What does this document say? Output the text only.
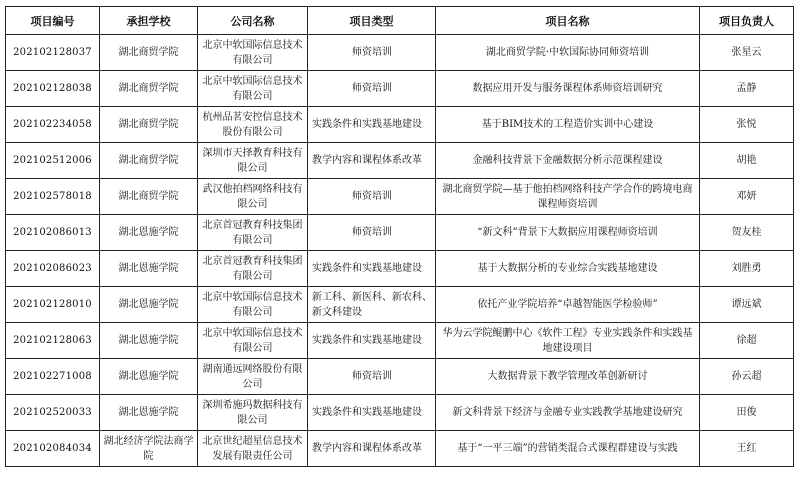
项目编号	承担学校	公司名称	项目类型	项目名称	项目负责人
202102128037	湖北商贸学院	北京中软国际信息技术有限公司	师资培训	湖北商贸学院·中软国际协同师资培训	张星云
202102128038	湖北商贸学院	北京中软国际信息技术有限公司	师资培训	数据应用开发与服务课程体系师资培训研究	孟静
202102234058	湖北商贸学院	杭州品茗安控信息技术股份有限公司	实践条件和实践基地建设	基于BIM技术的工程造价实训中心建设	张悦
202102512006	湖北商贸学院	深圳市天择教育科技有限公司	教学内容和课程体系改革	金融科技背景下金融数据分析示范课程建设	胡艳
202102578018	湖北商贸学院	武汉他拍档网络科技有限公司	师资培训	湖北商贸学院—基于他拍档网络科技产学合作的跨境电商课程师资培训	邓妍
202102086013	湖北恩施学院	北京首冠教育科技集团有限公司	师资培训	“新文科”背景下大数据应用课程师资培训	贺友桂
202102086023	湖北恩施学院	北京首冠教育科技集团有限公司	实践条件和实践基地建设	基于大数据分析的专业综合实践基地建设	刘胜勇
202102128010	湖北恩施学院	北京中软国际信息技术有限公司	新工科、新医科、新农科、新文科建设	依托产业学院培养“卓越智能医学检验师”	谭远斌
202102128063	湖北恩施学院	北京中软国际信息技术有限公司	实践条件和实践基地建设	华为云学院鲲鹏中心《软件工程》专业实践条件和实践基地建设项目	徐超
202102271008	湖北恩施学院	湖南通远网络股份有限公司	师资培训	大数据背景下教学管理改革创新研讨	孙云超
202102520033	湖北恩施学院	深圳希施玛数据科技有限公司	实践条件和实践基地建设	新文科背景下经济与金融专业实践教学基地建设研究	田俊
202102084034	湖北经济学院法商学院	北京世纪超星信息技术发展有限责任公司	教学内容和课程体系改革	基于“一平三端”的营销类混合式课程群建设与实践	王红
